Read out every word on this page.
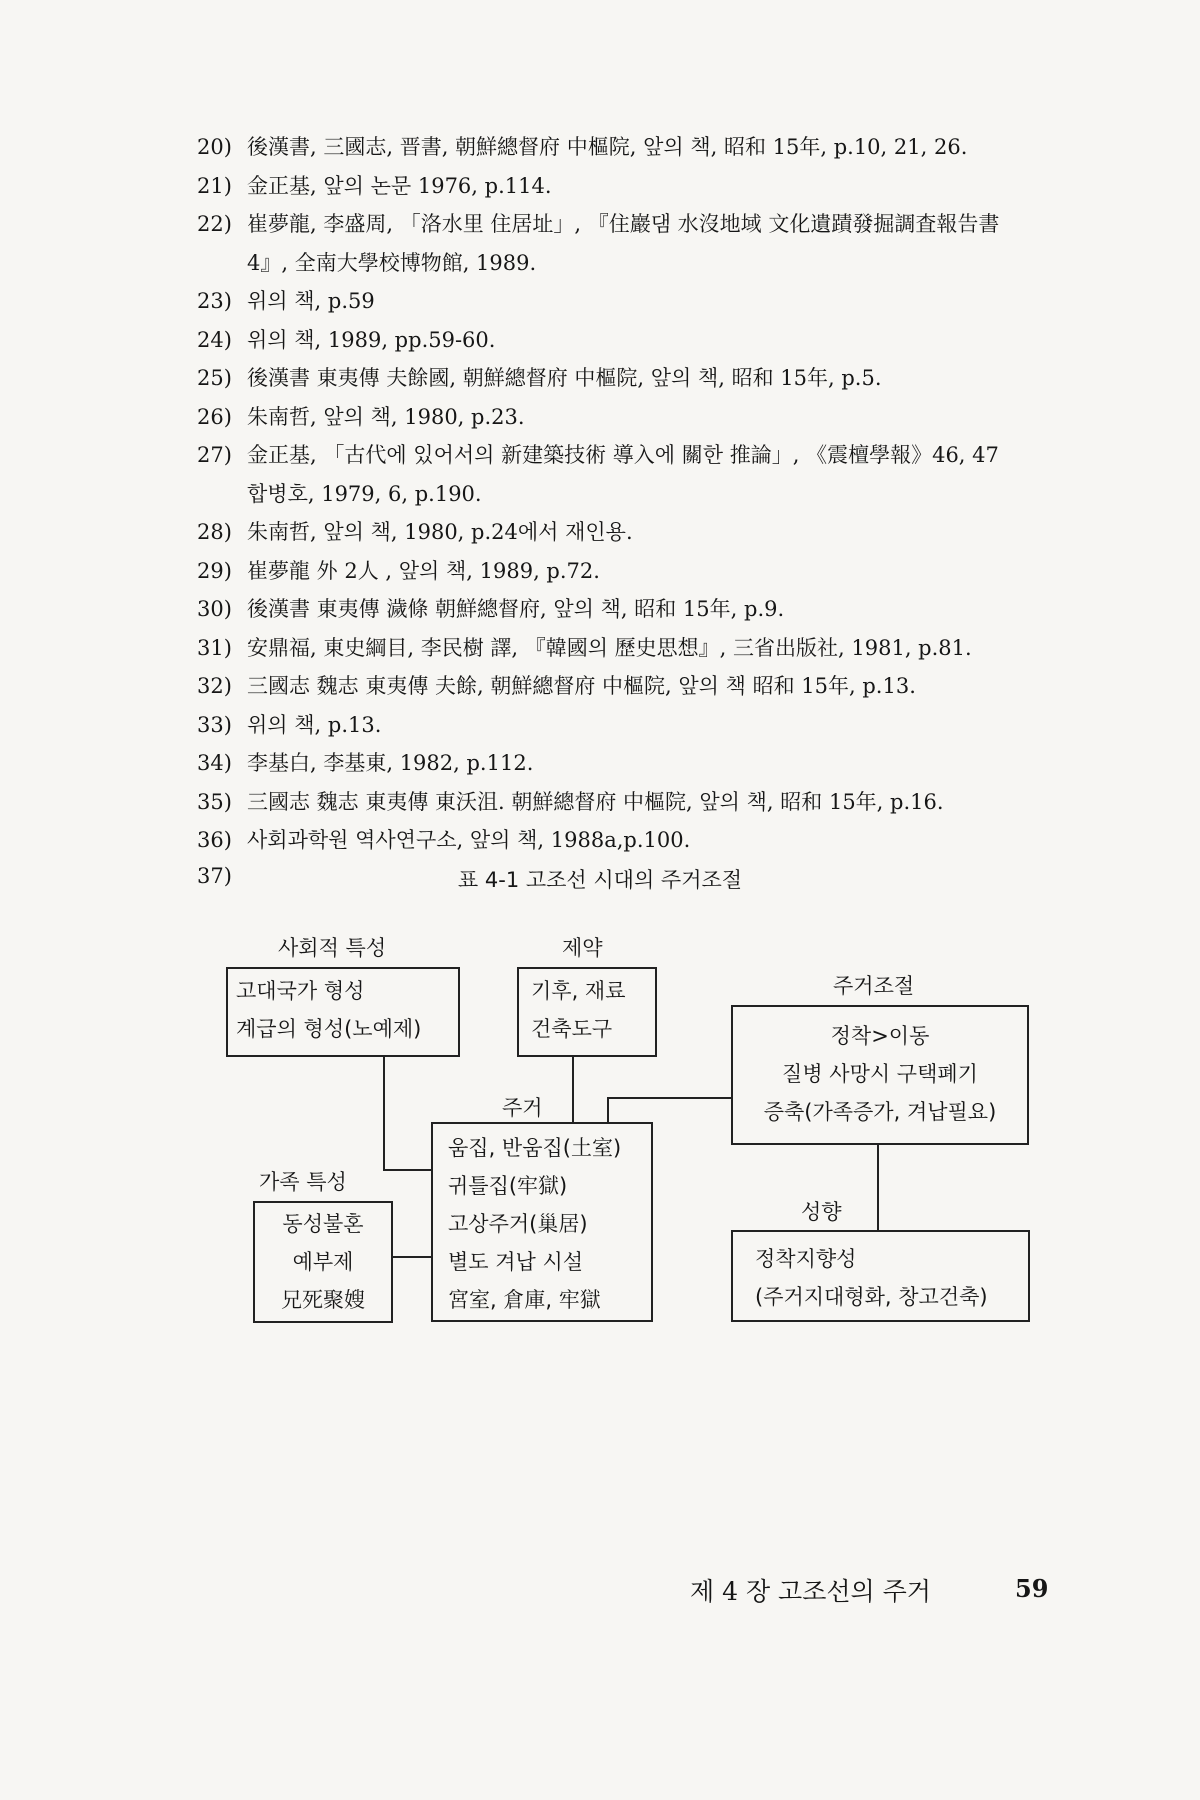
20) 後漢書, 三國志, 晋書, 朝鮮總督府 中樞院, 앞의 책, 昭和 15年, p.10, 21, 26.
21) 金正基, 앞의 논문 1976, p.114.
22) 崔夢龍, 李盛周, 「洛水里 住居址」, 『住巖댐 水沒地域 文化遺蹟發掘調査報告書
4』, 全南大學校博物館, 1989.
23) 위의 책, p.59
24) 위의 책, 1989, pp.59-60.
25) 後漢書 東夷傳 夫餘國, 朝鮮總督府 中樞院, 앞의 책, 昭和 15年, p.5.
26) 朱南哲, 앞의 책, 1980, p.23.
27) 金正基, 「古代에 있어서의 新建築技術 導入에 關한 推論」, 《震檀學報》46, 47
합병호, 1979, 6, p.190.
28) 朱南哲, 앞의 책, 1980, p.24에서 재인용.
29) 崔夢龍 外 2人 , 앞의 책, 1989, p.72.
30) 後漢書 東夷傳 濊條 朝鮮總督府, 앞의 책, 昭和 15年, p.9.
31) 安鼎福, 東史綱目, 李民樹 譯, 『韓國의 歷史思想』, 三省出版社, 1981, p.81.
32) 三國志 魏志 東夷傳 夫餘, 朝鮮總督府 中樞院, 앞의 책 昭和 15年, p.13.
33) 위의 책, p.13.
34) 李基白, 李基東, 1982, p.112.
35) 三國志 魏志 東夷傳 東沃沮. 朝鮮總督府 中樞院, 앞의 책, 昭和 15年, p.16.
36) 사회과학원 역사연구소, 앞의 책, 1988a,p.100.
37)	표 4-1 고조선 시대의 주거조절
사회적 특성
고대국가 형성
계급의 형성(노예제)
제약
기후, 재료
건축도구
주거조절
정착>이동
질병 사망시 구택폐기
증축(가족증가, 겨납필요)
주거
움집, 반움집(土室)
귀틀집(牢獄)
고상주거(巢居)
별도 겨납 시설
宮室, 倉庫, 牢獄
가족 특성
동성불혼
예부제
兄死聚嫂
성향
정착지향성
(주거지대형화, 창고건축)
제 4 장 고조선의 주거	59
